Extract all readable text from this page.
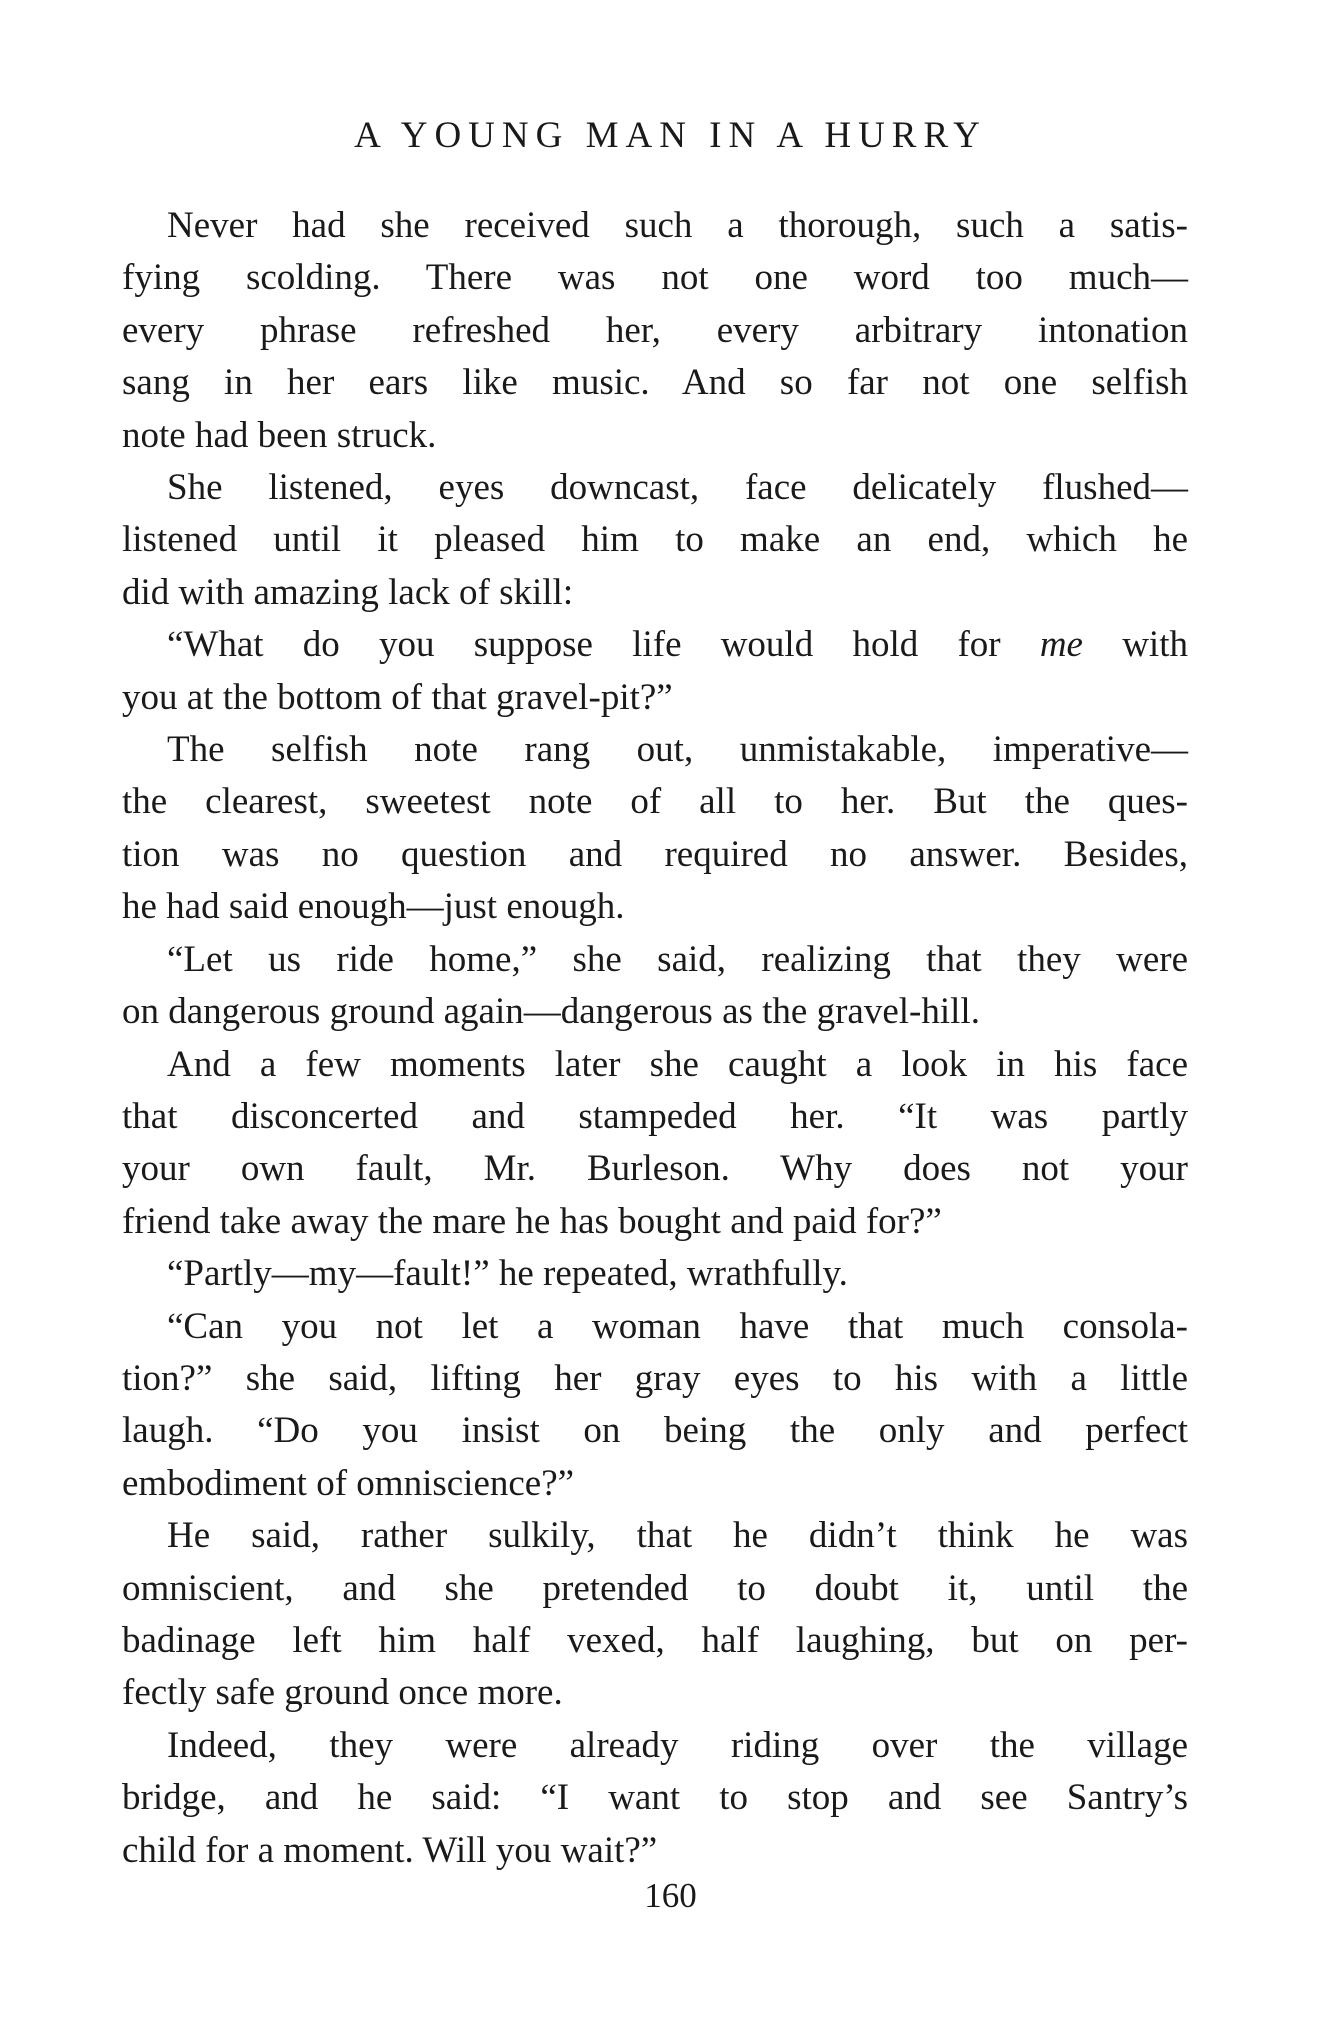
A YOUNG MAN IN A HURRY
Never had she received such a thorough, such a satis-
fying scolding. There was not one word too much—
every phrase refreshed her, every arbitrary intonation
sang in her ears like music. And so far not one selfish
note had been struck.
She listened, eyes downcast, face delicately flushed—
listened until it pleased him to make an end, which he
did with amazing lack of skill:
“What do you suppose life would hold for me with
you at the bottom of that gravel-pit?”
The selfish note rang out, unmistakable, imperative—
the clearest, sweetest note of all to her. But the ques-
tion was no question and required no answer. Besides,
he had said enough—just enough.
“Let us ride home,” she said, realizing that they were
on dangerous ground again—dangerous as the gravel-hill.
And a few moments later she caught a look in his face
that disconcerted and stampeded her. “It was partly
your own fault, Mr. Burleson. Why does not your
friend take away the mare he has bought and paid for?”
“Partly—my—fault!” he repeated, wrathfully.
“Can you not let a woman have that much consola-
tion?” she said, lifting her gray eyes to his with a little
laugh. “Do you insist on being the only and perfect
embodiment of omniscience?”
He said, rather sulkily, that he didn’t think he was
omniscient, and she pretended to doubt it, until the
badinage left him half vexed, half laughing, but on per-
fectly safe ground once more.
Indeed, they were already riding over the village
bridge, and he said: “I want to stop and see Santry’s
child for a moment. Will you wait?”
160
